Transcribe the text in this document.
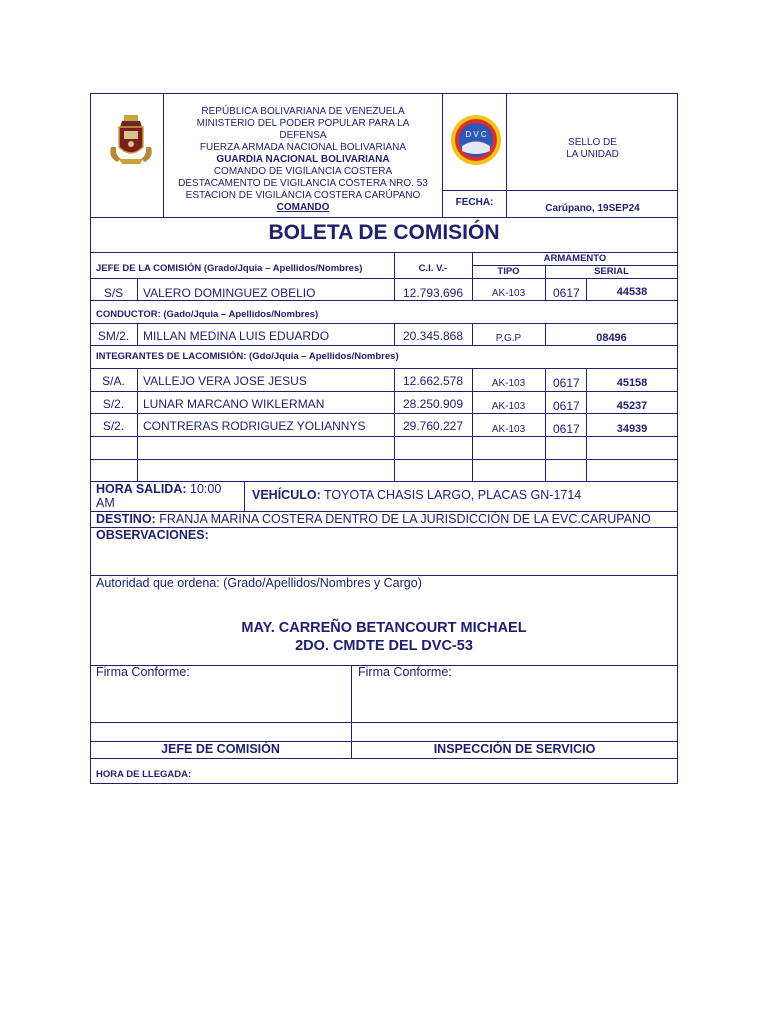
REPÚBLICA BOLIVARIANA DE VENEZUELA
MINISTERIO DEL PODER POPULAR PARA LA
DEFENSA
FUERZA ARMADA NACIONAL BOLIVARIANA
GUARDIA NACIONAL BOLIVARIANA
COMANDO DE VIGILANCIA COSTERA
DESTACAMENTO DE VIGILANCIA COSTERA NRO. 53
ESTACION DE VIGILANCIA COSTERA CARÚPANO
COMANDO
D V C
SELLO DE
LA UNIDAD
FECHA:
Carúpano, 19SEP24
BOLETA DE COMISIÓN
JEFE DE LA COMISIÓN (Grado/Jquia – Apellidos/Nombres)	C.I. V.-
ARMAMENTO
TIPO	SERIAL
S/S	VALERO DOMINGUEZ OBELIO	12.793.696	AK-103	0617	44538
CONDUCTOR: (Gado/Jquia – Apellidos/Nombres)
SM/2.	MILLAN MEDINA LUIS EDUARDO	20.345.868	P.G.P	08496
INTEGRANTES DE LACOMISIÓN: (Gdo/Jquia – Apellidos/Nombres)
S/A.	VALLEJO VERA JOSE JESUS	12.662.578	AK-103	0617	45158
S/2.	LUNAR MARCANO WIKLERMAN	28.250.909	AK-103	0617	45237
S/2.	CONTRERAS RODRIGUEZ YOLIANNYS	29.760.227	AK-103	0617	34939
HORA SALIDA: 10:00 AM
VEHÍCULO: TOYOTA CHASIS LARGO, PLACAS GN-1714
DESTINO: FRANJA MARINA COSTERA DENTRO DE LA JURISDICCIÓN DE LA EVC.CARUPANO
OBSERVACIONES:
Autoridad que ordena: (Grado/Apellidos/Nombres y Cargo)
MAY. CARREÑO BETANCOURT MICHAEL
2DO. CMDTE DEL DVC-53
Firma Conforme:	Firma Conforme:
JEFE DE COMISIÓN	INSPECCIÓN DE SERVICIO
HORA DE LLEGADA:
